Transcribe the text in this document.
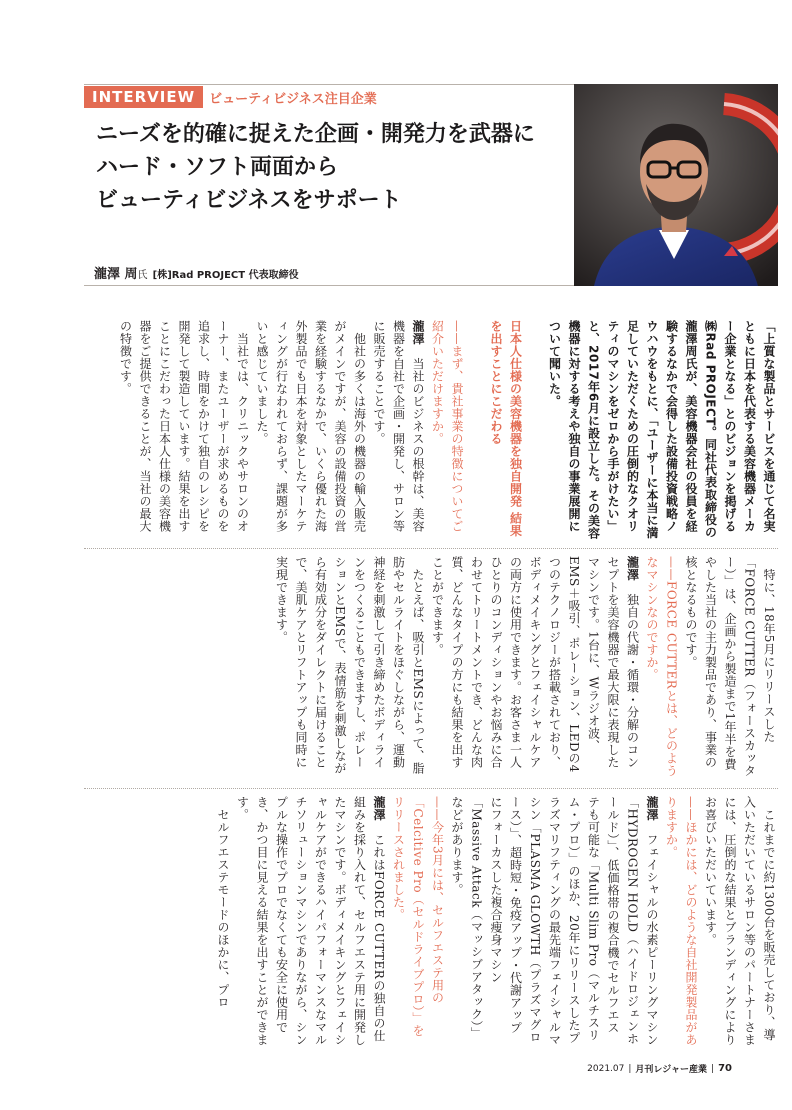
INTERVIEW	ビューティビジネス注目企業
ニーズを的確に捉えた企画・開発力を武器に
ハード・ソフト両面から
ビューティビジネスをサポート
瀧澤 周氏 [株]Rad PROJECT 代表取締役
「上質な製品とサービスを通じて名実ともに日本を代表する美容機器メーカー企業となる」とのビジョンを掲げる㈱Rad PROJECT。同社代表取締役の瀧澤周氏が、美容機器会社の役員を経験するなかで会得した設備投資戦略ノウハウをもとに、「ユーザーに本当に満足していただくための圧倒的なクオリティのマシンをゼロから手がけたい」と、2017年6月に設立した。その美容機器に対する考えや独自の事業展開について聞いた。

日本人仕様の美容機器を独自開発 結果を出すことにこだわる

——まず、貴社事業の特徴についてご紹介いただけますか。
瀧澤　当社のビジネスの根幹は、美容機器を自社で企画・開発し、サロン等に販売することです。
　他社の多くは海外の機器の輸入販売がメインですが、美容の設備投資の営業を経験するなかで、いくら優れた海外製品でも日本を対象としたマーケティングが行なわれておらず、課題が多いと感じていました。
　当社では、クリニックやサロンのオーナー、またユーザーが求めるものを追求し、時間をかけて独自のレシピを開発して製造しています。結果を出すことにこだわった日本人仕様の美容機器をご提供できることが、当社の最大の特徴です。
　特に、18年5月にリリースした「FORCE CUTTER（フォースカッター）」は、企画から製造まで1年半を費やした当社の主力製品であり、事業の核となるものです。
——FORCE CUTTERとは、どのようなマシンなのですか。
瀧澤　独自の代謝・循環・分解のコンセプトを美容機器で最大限に表現したマシンです。1台に、Wラジオ波、EMS＋吸引、ポレーション、LEDの4つのテクノロジーが搭載されており、ボディメイキングとフェイシャルケアの両方に使用できます。お客さま一人ひとりのコンディションやお悩みに合わせてトリートメントでき、どんな肉質、どんなタイプの方にも結果を出すことができます。
　たとえば、吸引とEMSによって、脂肪やセルライトをほぐしながら、運動神経を刺激して引き締めたボディラインをつくることもできますし、ポレーションとEMSで、表情筋を刺激しながら有効成分をダイレクトに届けることで、美肌ケアとリフトアップも同時に実現できます。
　これまでに約1300台を販売しており、導入いただいているサロン等のパートナーさまには、圧倒的な結果とブランディングによりお喜びいただいています。
——ほかには、どのような自社開発製品がありますか。
瀧澤　フェイシャルの水素ピーリングマシン「HYDROGEN HOLD（ハイドロジェンホールド）」、低価格帯の複合機でセルフエステも可能な「Multi Slim Pro（マルチスリム・プロ）」のほか、20年にリリースしたプラズマリフティングの最先端フェイシャルマシン「PLASMA GLOWTH（プラズマグロース）」、超時短・免疫アップ・代謝アップにフォーカスした複合痩身マシン「Massive Attack（マッシブアタック）」などがあります。
——今年3月には、セルフエステ用の「Celcitive Pro（セルドライブプロ）」をリリースされました。
瀧澤　これはFORCE CUTTERの独自の仕組みを採り入れて、セルフエステ用に開発したマシンです。ボディメイキングとフェイシャルケアができるハイパフォーマンスなマルチソリューションマシンでありながら、シンプルな操作でプロでなくても安全に使用でき、かつ目に見える結果を出すことができます。
　セルフエステモードのほかに、プロ
2021.07 | 月刊レジャー産業 | 70
